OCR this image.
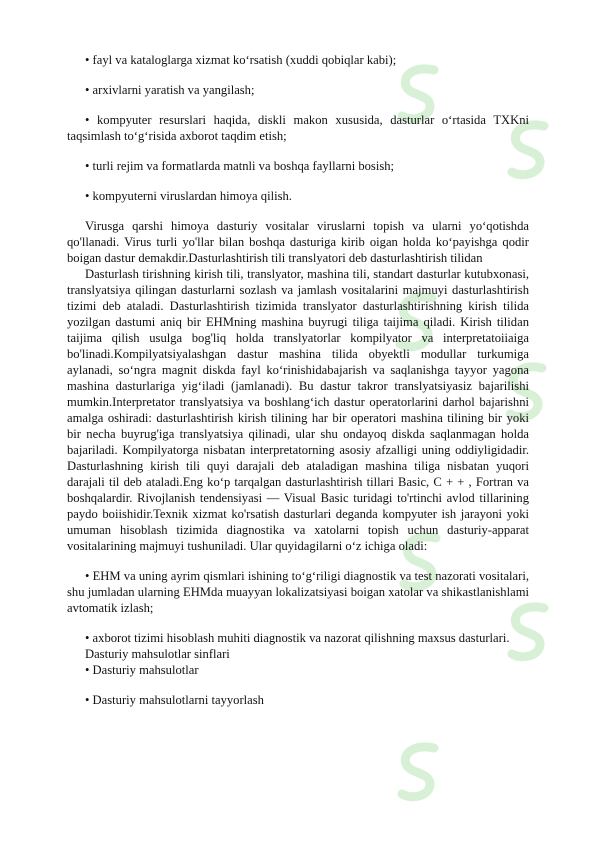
• fayl va kataloglarga xizmat ko‘rsatish (xuddi qobiqlar kabi);

• arxivlarni yaratish va yangilash;

• kompyuter resurslari haqida, diskli makon xususida, dasturlar o‘rtasida TXKni taqsimlash to‘g‘risida axborot taqdim etish;

• turli rejim va formatlarda matnli va boshqa fayllarni bosish;

• kompyuterni viruslardan himoya qilish.

Virusga qarshi himoya dasturiy vositalar viruslarni topish va ularni yo‘qotishda qo'llanadi. Virus turli yo'llar bilan boshqa dasturiga kirib oigan holda ko‘payishga qodir boigan dastur demakdir.Dasturlashtirish tili translyatori deb dasturlashtirish tilidan

Dasturlash tirishning kirish tili, translyator, mashina tili, standart dasturlar kutubxonasi, translyatsiya qilingan dasturlarni sozlash va jamlash vositalarini majmuyi dasturlashtirish tizimi deb ataladi. Dasturlashtirish tizimida translyator dasturlashtirishning kirish tilida yozilgan dastumi aniq bir EHMning mashina buyrugi tiliga taijima qiladi. Kirish tilidan taijima qilish usulga bog'liq holda translyatorlar kompilyator va interpretatoiiaiga bo'linadi.Kompilyatsiyalashgan dastur mashina tilida obyektli modullar turkumiga aylanadi, so‘ngra magnit diskda fayl ko‘rinishidabajarish va saqlanishga tayyor yagona mashina dasturlariga yig‘iladi (jamlanadi). Bu dastur takror translyatsiyasiz bajarilishi mumkin.Interpretator translyatsiya va boshlang‘ich dastur operatorlarini darhol bajarishni amalga oshiradi: dasturlashtirish kirish tilining har bir operatori mashina tilining bir yoki bir necha buyrug'iga translyatsiya qilinadi, ular shu ondayoq diskda saqlanmagan holda bajariladi. Kompilyatorga nisbatan interpretatorning asosiy afzalligi uning oddiyligidadir. Dasturlashning kirish tili quyi darajali deb ataladigan mashina tiliga nisbatan yuqori darajali til deb ataladi.Eng ko‘p tarqalgan dasturlashtirish tillari Basic, C + + , Fortran va boshqalardir. Rivojlanish tendensiyasi — Visual Basic turidagi to'rtinchi avlod tillarining paydo boiishidir.Texnik xizmat ko'rsatish dasturlari deganda kompyuter ish jarayoni yoki umuman hisoblash tizimida diagnostika va xatolarni topish uchun dasturiy-apparat vositalarining majmuyi tushuniladi. Ular quyidagilarni o‘z ichiga oladi:

• EHM va uning ayrim qismlari ishining to‘g‘riligi diagnostik va test nazorati vositalari, shu jumladan ularning EHMda muayyan lokalizatsiyasi boigan xatolar va shikastlanishlami avtomatik izlash;

• axborot tizimi hisoblash muhiti diagnostik va nazorat qilishning maxsus dasturlari.

Dasturiy mahsulotlar sinflari

• Dasturiy mahsulotlar

• Dasturiy mahsulotlarni tayyorlash
